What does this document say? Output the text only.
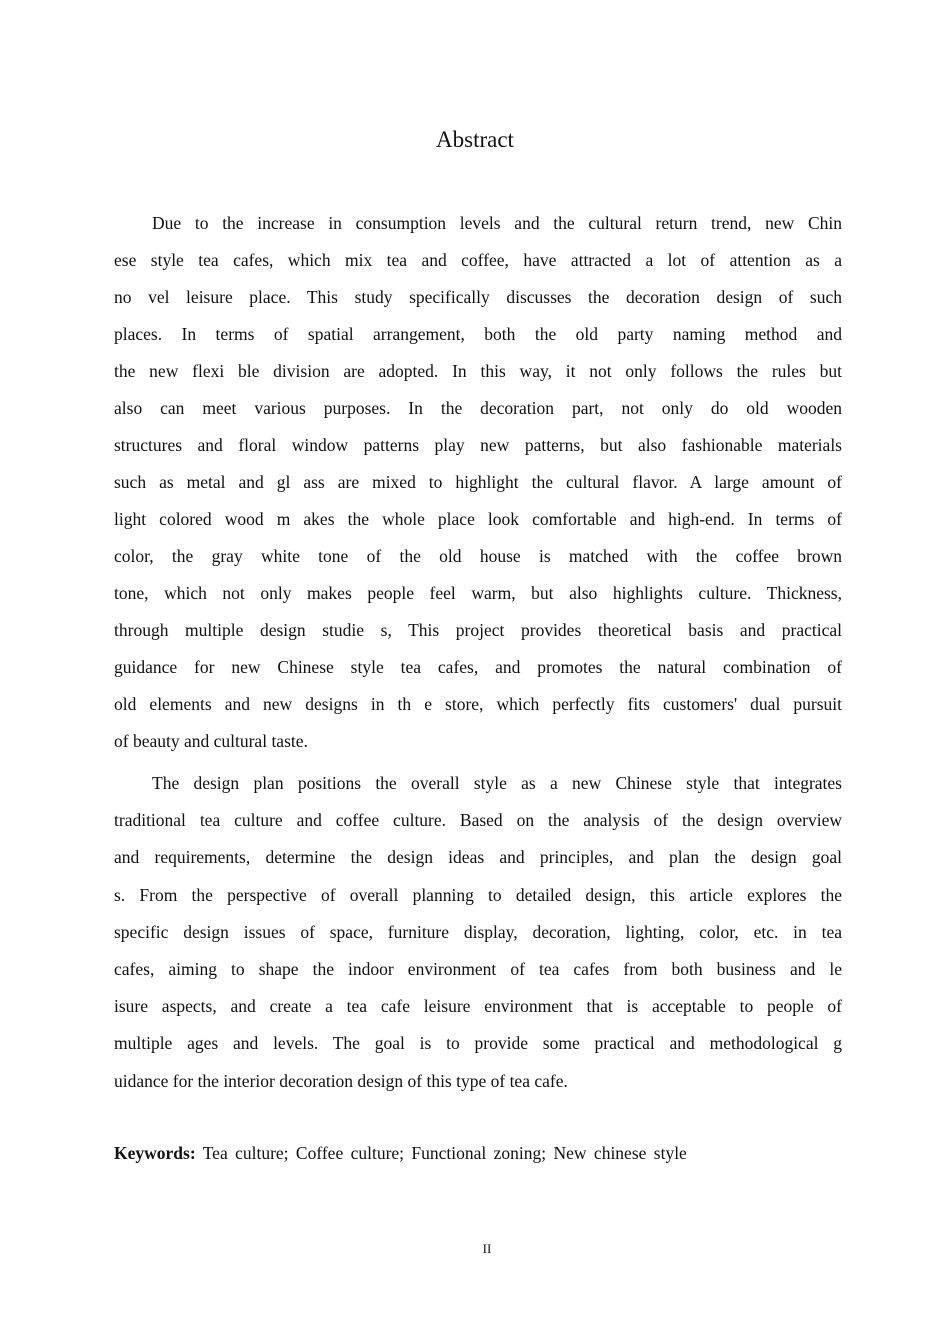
Abstract
Due to the increase in consumption levels and the cultural return trend, new Chin
ese style tea cafes, which mix tea and coffee, have attracted a lot of attention as a
no vel leisure place. This study specifically discusses the decoration design of such
places. In terms of spatial arrangement, both the old party naming method and
the new flexi ble division are adopted. In this way, it not only follows the rules but
also can meet various purposes. In the decoration part, not only do old wooden
structures and floral window patterns play new patterns, but also fashionable materials
such as metal and gl ass are mixed to highlight the cultural flavor. A large amount of
light colored wood m akes the whole place look comfortable and high-end. In terms of
color, the gray white tone of the old house is matched with the coffee brown
tone, which not only makes people feel warm, but also highlights culture. Thickness,
through multiple design studie s, This project provides theoretical basis and practical
guidance for new Chinese style tea cafes, and promotes the natural combination of
old elements and new designs in th e store, which perfectly fits customers' dual pursuit
of beauty and cultural taste.
The design plan positions the overall style as a new Chinese style that integrates
traditional tea culture and coffee culture. Based on the analysis of the design overview
and requirements, determine the design ideas and principles, and plan the design goal
s. From the perspective of overall planning to detailed design, this article explores the
specific design issues of space, furniture display, decoration, lighting, color, etc. in tea
cafes, aiming to shape the indoor environment of tea cafes from both business and le
isure aspects, and create a tea cafe leisure environment that is acceptable to people of
multiple ages and levels. The goal is to provide some practical and methodological g
uidance for the interior decoration design of this type of tea cafe.
Keywords: Tea culture; Coffee culture; Functional zoning; New chinese style
II
